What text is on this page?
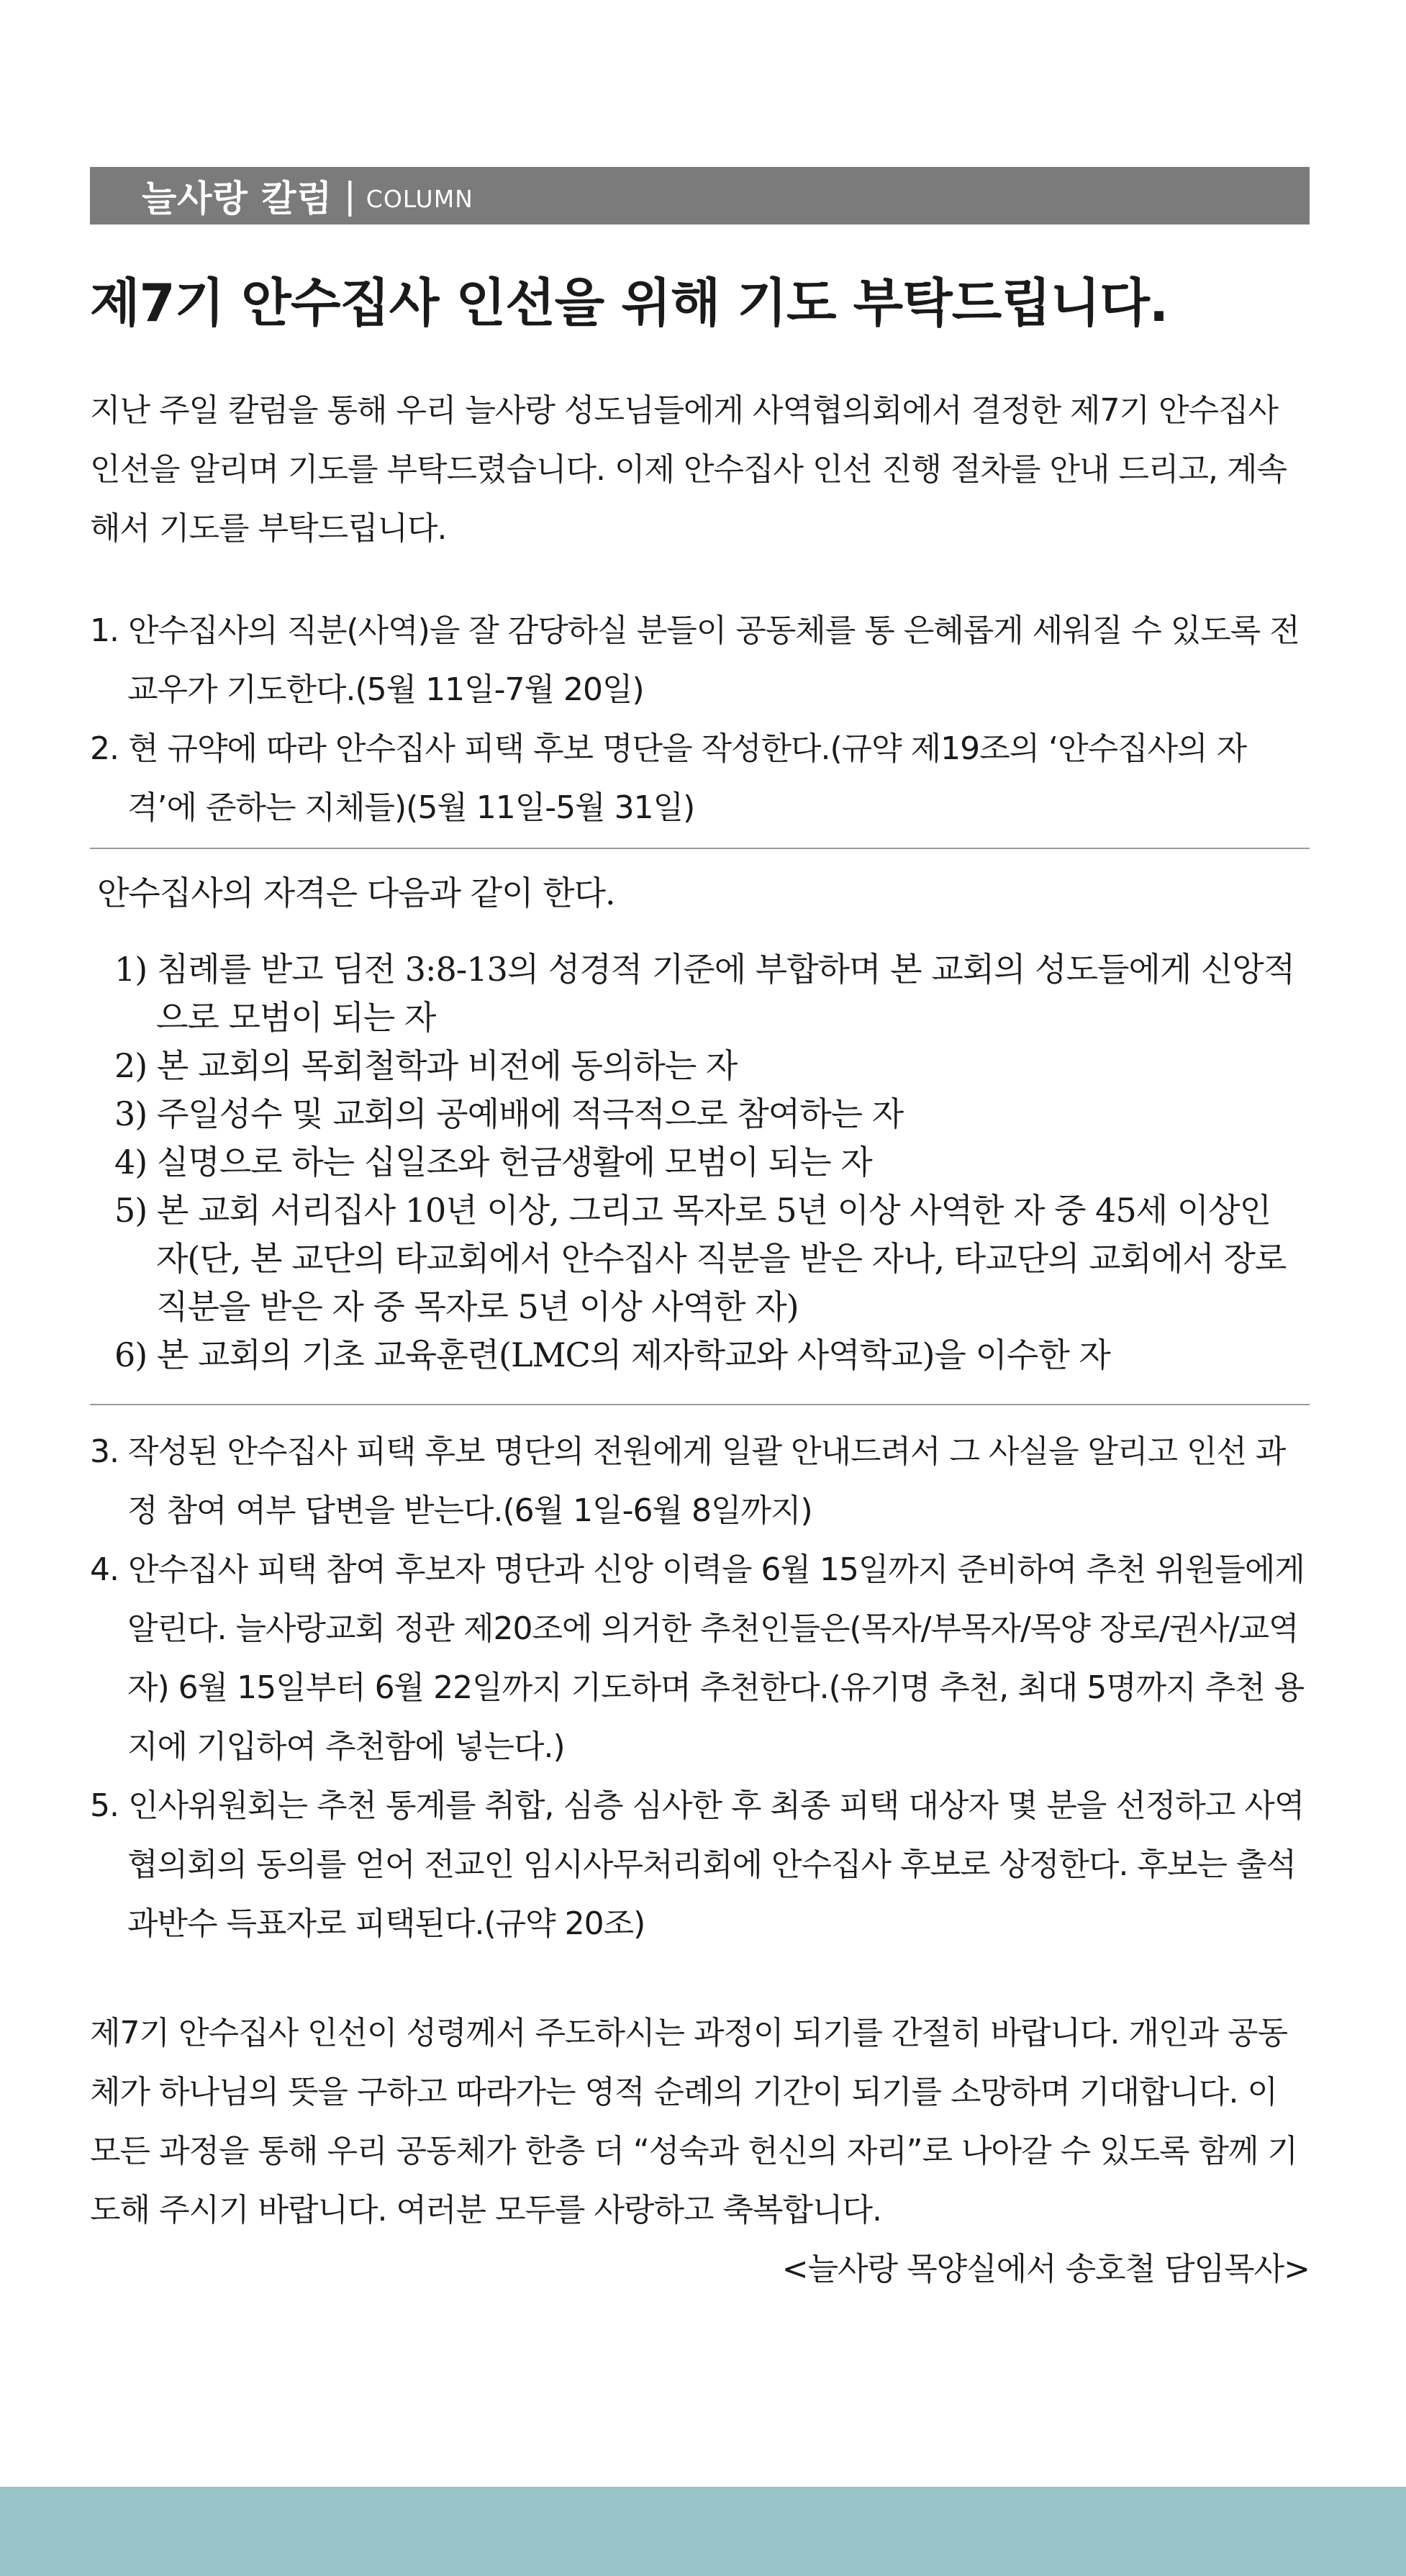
늘사랑 칼럼 | COLUMN
제7기 안수집사 인선을 위해 기도 부탁드립니다.

지난 주일 칼럼을 통해 우리 늘사랑 성도님들에게 사역협의회에서 결정한 제7기 안수집사 인선을 알리며 기도를 부탁드렸습니다. 이제 안수집사 인선 진행 절차를 안내 드리고, 계속해서 기도를 부탁드립니다.

1. 안수집사의 직분(사역)을 잘 감당하실 분들이 공동체를 통 은혜롭게 세워질 수 있도록 전교우가 기도한다.(5월 11일-7월 20일)
2. 현 규약에 따라 안수집사 피택 후보 명단을 작성한다.(규약 제19조의 ‘안수집사의 자격’에 준하는 지체들)(5월 11일-5월 31일)
안수집사의 자격은 다음과 같이 한다.
1) 침례를 받고 딤전 3:8-13의 성경적 기준에 부합하며 본 교회의 성도들에게 신앙적으로 모범이 되는 자
2) 본 교회의 목회철학과 비전에 동의하는 자
3) 주일성수 및 교회의 공예배에 적극적으로 참여하는 자
4) 실명으로 하는 십일조와 헌금생활에 모범이 되는 자
5) 본 교회 서리집사 10년 이상, 그리고 목자로 5년 이상 사역한 자 중 45세 이상인 자(단, 본 교단의 타교회에서 안수집사 직분을 받은 자나, 타교단의 교회에서 장로 직분을 받은 자 중 목자로 5년 이상 사역한 자)
6) 본 교회의 기초 교육훈련(LMC의 제자학교와 사역학교)을 이수한 자
3. 작성된 안수집사 피택 후보 명단의 전원에게 일괄 안내드려서 그 사실을 알리고 인선 과정 참여 여부 답변을 받는다.(6월 1일-6월 8일까지)
4. 안수집사 피택 참여 후보자 명단과 신앙 이력을 6월 15일까지 준비하여 추천 위원들에게 알린다. 늘사랑교회 정관 제20조에 의거한 추천인들은(목자/부목자/목양 장로/권사/교역자) 6월 15일부터 6월 22일까지 기도하며 추천한다.(유기명 추천, 최대 5명까지 추천 용지에 기입하여 추천함에 넣는다.)
5. 인사위원회는 추천 통계를 취합, 심층 심사한 후 최종 피택 대상자 몇 분을 선정하고 사역협의회의 동의를 얻어 전교인 임시사무처리회에 안수집사 후보로 상정한다. 후보는 출석 과반수 득표자로 피택된다.(규약 20조)

제7기 안수집사 인선이 성령께서 주도하시는 과정이 되기를 간절히 바랍니다. 개인과 공동체가 하나님의 뜻을 구하고 따라가는 영적 순례의 기간이 되기를 소망하며 기대합니다. 이 모든 과정을 통해 우리 공동체가 한층 더 “성숙과 헌신의 자리”로 나아갈 수 있도록 함께 기도해 주시기 바랍니다. 여러분 모두를 사랑하고 축복합니다.

<늘사랑 목양실에서 송호철 담임목사>
